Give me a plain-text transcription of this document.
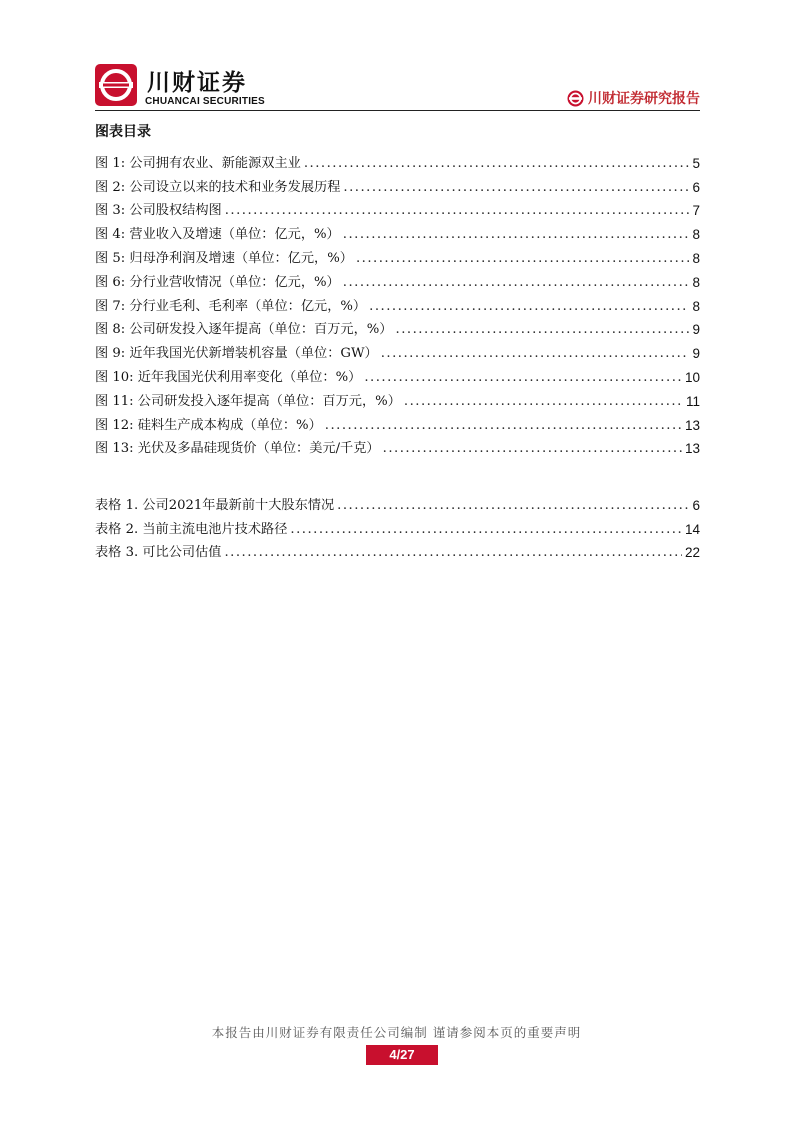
川财证券
CHUANCAI SECURITIES	川财证券研究报告
图表目录
图 1: 公司拥有农业、新能源双主业 .....	5
图 2: 公司设立以来的技术和业务发展历程 .....	6
图 3: 公司股权结构图 .....	7
图 4: 营业收入及增速（单位：亿元，%） .....	8
图 5: 归母净利润及增速（单位：亿元，%） .....	8
图 6: 分行业营收情况（单位：亿元，%） .....	8
图 7: 分行业毛利、毛利率（单位：亿元，%） .....	8
图 8: 公司研发投入逐年提高（单位：百万元，%） .....	9
图 9: 近年我国光伏新增装机容量（单位：GW） .....	9
图 10: 近年我国光伏利用率变化（单位：%） .....	10
图 11: 公司研发投入逐年提高（单位：百万元，%） .....	11
图 12: 硅料生产成本构成（单位：%） .....	13
图 13: 光伏及多晶硅现货价（单位：美元/千克） .....	13
表格 1. 公司2021年最新前十大股东情况 .....	6
表格 2. 当前主流电池片技术路径 .....	14
表格 3. 可比公司估值 .....	22
本报告由川财证券有限责任公司编制 谨请参阅本页的重要声明
4/27
